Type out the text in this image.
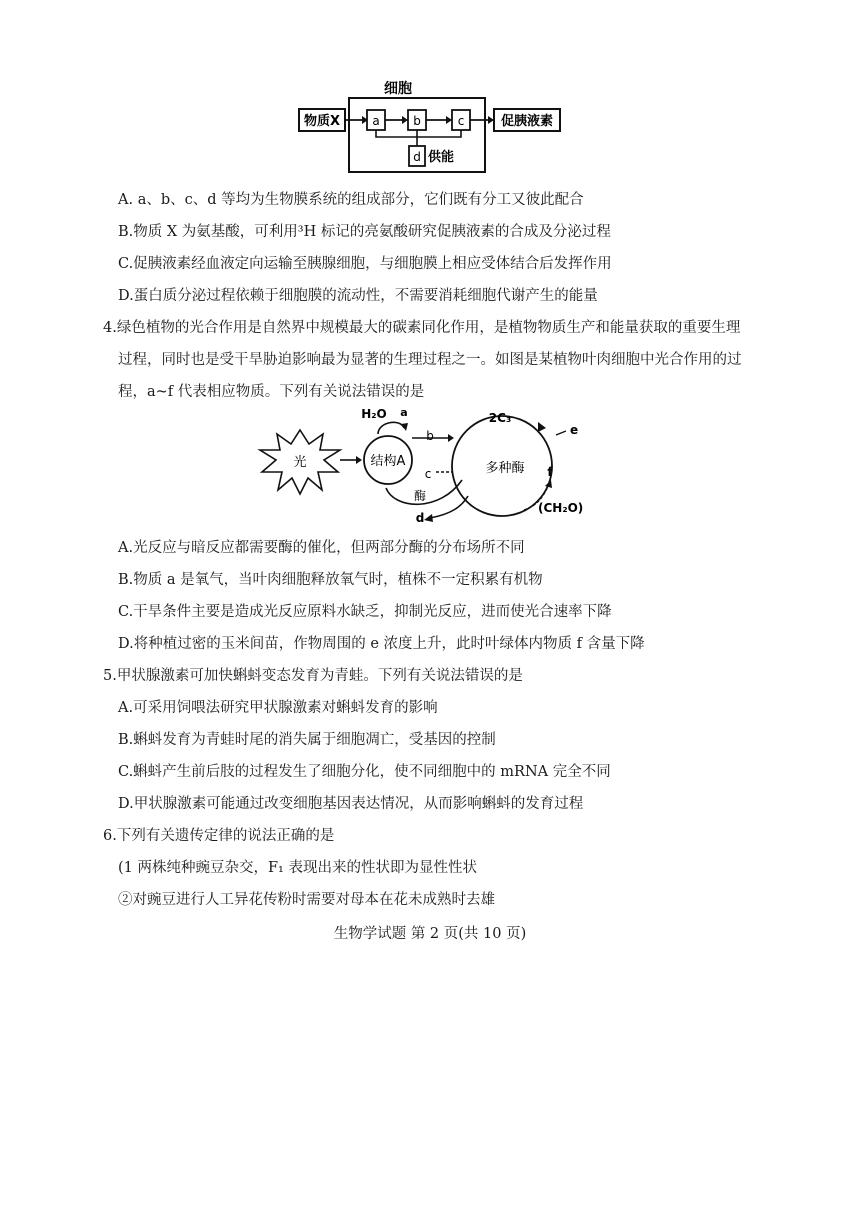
细胞
物质X	a	b	c	促胰液素
d 供能
A. a、b、c、d 等均为生物膜系统的组成部分，它们既有分工又彼此配合
B.物质 X 为氨基酸，可利用³H 标记的亮氨酸研究促胰液素的合成及分泌过程
C.促胰液素经血液定向运输至胰腺细胞，与细胞膜上相应受体结合后发挥作用
D.蛋白质分泌过程依赖于细胞膜的流动性，不需要消耗细胞代谢产生的能量
4.绿色植物的光合作用是自然界中规模最大的碳素同化作用，是植物物质生产和能量获取的重要生理
过程，同时也是受干旱胁迫影响最为显著的生理过程之一。如图是某植物叶肉细胞中光合作用的过
程，a~f 代表相应物质。下列有关说法错误的是
光	结构A
H₂O a
b
c
酶
d
多种酶
2C₃
e
f
(CH₂O)
A.光反应与暗反应都需要酶的催化，但两部分酶的分布场所不同
B.物质 a 是氧气，当叶肉细胞释放氧气时，植株不一定积累有机物
C.干旱条件主要是造成光反应原料水缺乏，抑制光反应，进而使光合速率下降
D.将种植过密的玉米间苗，作物周围的 e 浓度上升，此时叶绿体内物质 f 含量下降
5.甲状腺激素可加快蝌蚪变态发育为青蛙。下列有关说法错误的是
A.可采用饲喂法研究甲状腺激素对蝌蚪发育的影响
B.蝌蚪发育为青蛙时尾的消失属于细胞凋亡，受基因的控制
C.蝌蚪产生前后肢的过程发生了细胞分化，使不同细胞中的 mRNA 完全不同
D.甲状腺激素可能通过改变细胞基因表达情况，从而影响蝌蚪的发育过程
6.下列有关遗传定律的说法正确的是
(1 两株纯种豌豆杂交，F₁ 表现出来的性状即为显性性状
②对豌豆进行人工异花传粉时需要对母本在花未成熟时去雄
生物学试题 第 2 页(共 10 页)
